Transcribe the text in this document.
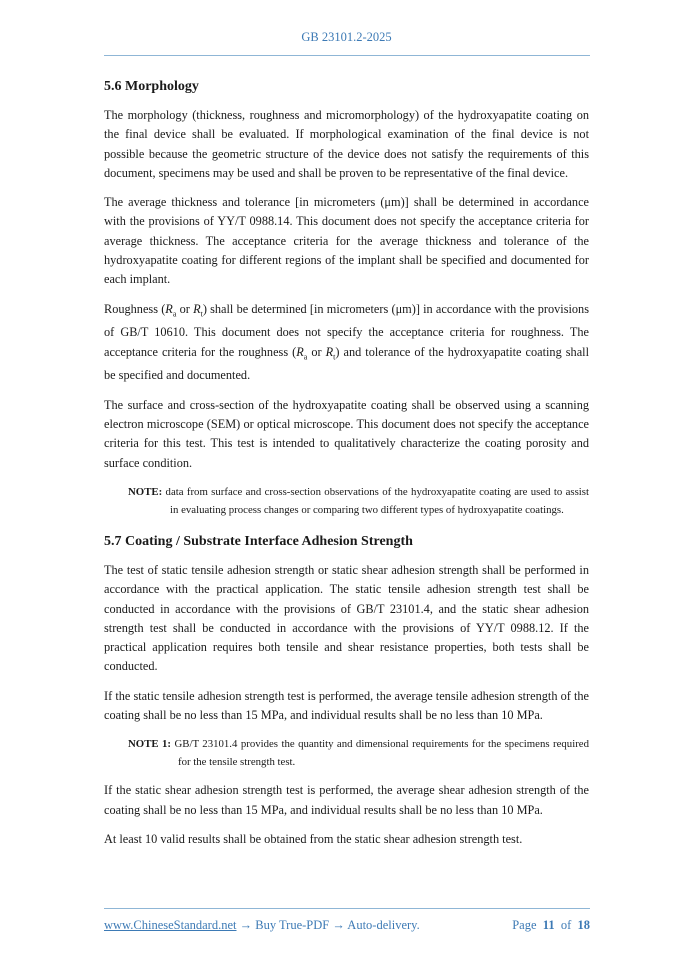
GB 23101.2-2025
5.6 Morphology

The morphology (thickness, roughness and micromorphology) of the hydroxyapatite coating on the final device shall be evaluated. If morphological examination of the final device is not possible because the geometric structure of the device does not satisfy the requirements of this document, specimens may be used and shall be proven to be representative of the final device.

The average thickness and tolerance [in micrometers (μm)] shall be determined in accordance with the provisions of YY/T 0988.14. This document does not specify the acceptance criteria for average thickness. The acceptance criteria for the average thickness and tolerance of the hydroxyapatite coating for different regions of the implant shall be specified and documented for each implant.

Roughness ($R_a$ or $R_t$) shall be determined [in micrometers (μm)] in accordance with the provisions of GB/T 10610. This document does not specify the acceptance criteria for roughness. The acceptance criteria for the roughness ($R_a$ or $R_t$) and tolerance of the hydroxyapatite coating shall be specified and documented.

The surface and cross-section of the hydroxyapatite coating shall be observed using a scanning electron microscope (SEM) or optical microscope. This document does not specify the acceptance criteria for this test. This test is intended to qualitatively characterize the coating porosity and surface condition.

NOTE: data from surface and cross-section observations of the hydroxyapatite coating are used to assist in evaluating process changes or comparing two different types of hydroxyapatite coatings.
5.7 Coating / Substrate Interface Adhesion Strength

The test of static tensile adhesion strength or static shear adhesion strength shall be performed in accordance with the practical application. The static tensile adhesion strength test shall be conducted in accordance with the provisions of GB/T 23101.4, and the static shear adhesion strength test shall be conducted in accordance with the provisions of YY/T 0988.12. If the practical application requires both tensile and shear resistance properties, both tests shall be conducted.

If the static tensile adhesion strength test is performed, the average tensile adhesion strength of the coating shall be no less than 15 MPa, and individual results shall be no less than 10 MPa.

NOTE 1: GB/T 23101.4 provides the quantity and dimensional requirements for the specimens required for the tensile strength test.

If the static shear adhesion strength test is performed, the average shear adhesion strength of the coating shall be no less than 15 MPa, and individual results shall be no less than 10 MPa.

At least 10 valid results shall be obtained from the static shear adhesion strength test.

www.ChineseStandard.net → Buy True-PDF → Auto-delivery.	Page 11 of 18
